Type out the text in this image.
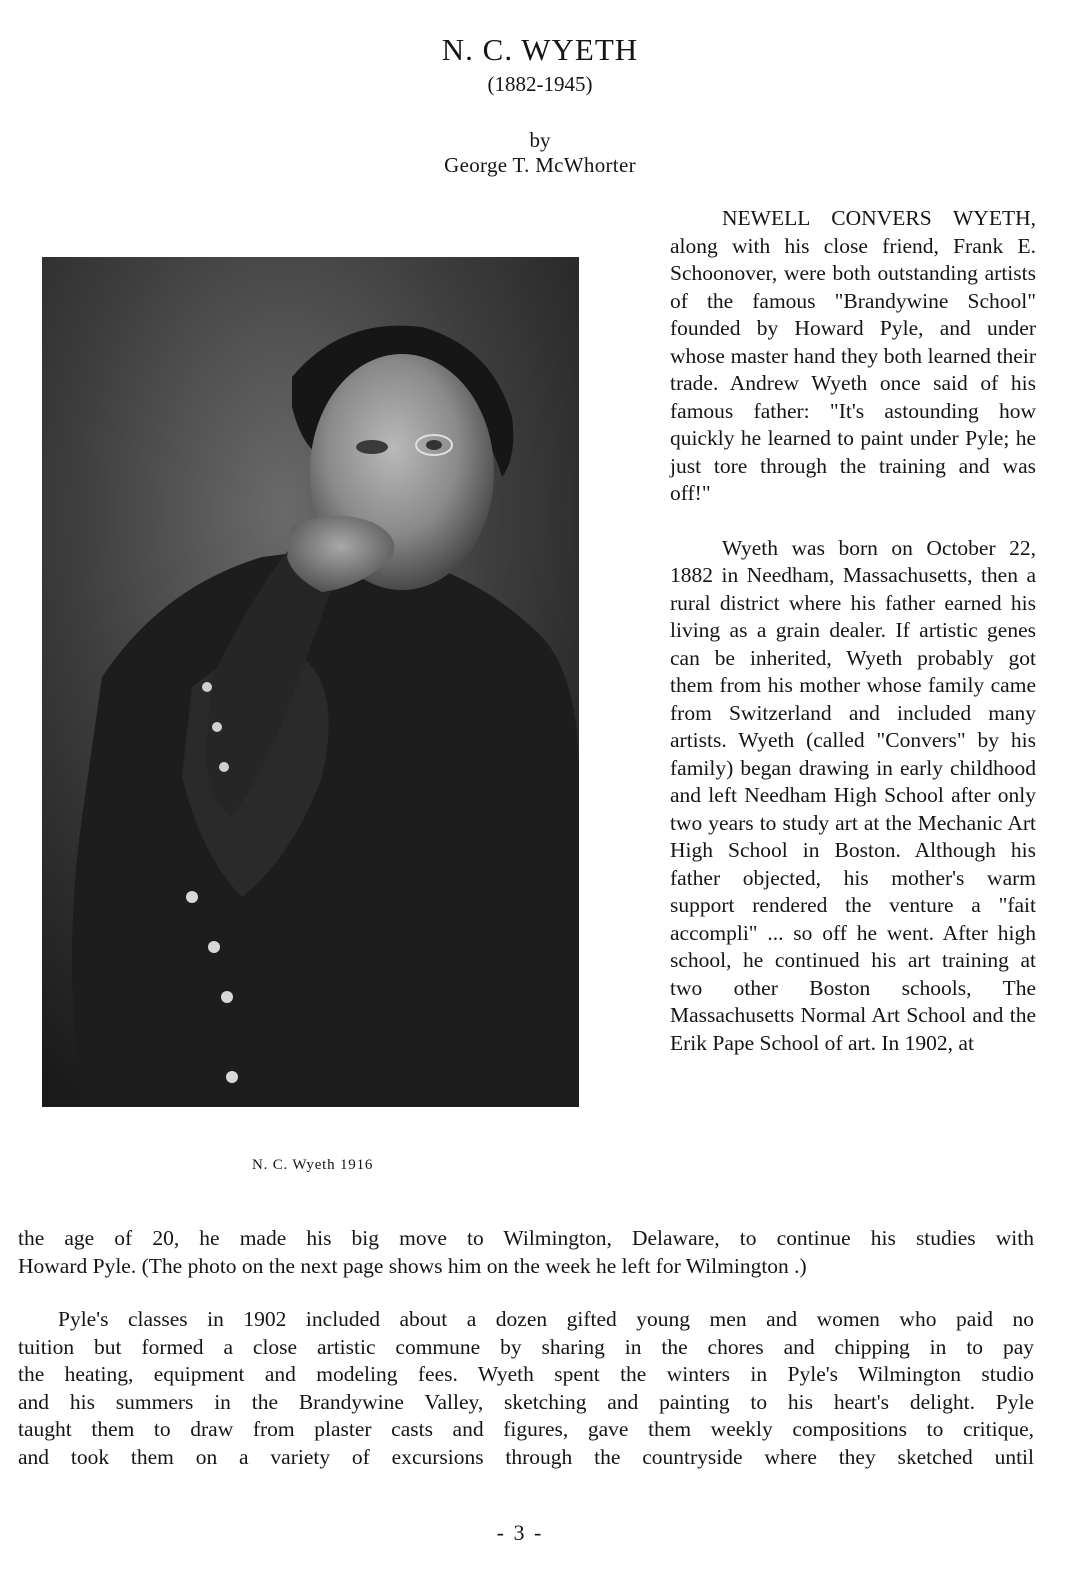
N. C. WYETH
(1882-1945)
by
George T. McWhorter
N. C. Wyeth 1916

NEWELL CONVERS WYETH, along with his close friend, Frank E. Schoonover, were both outstanding artists of the famous "Brandywine School" founded by Howard Pyle, and under whose master hand they both learned their trade. Andrew Wyeth once said of his famous father: "It's astounding how quickly he learned to paint under Pyle; he just tore through the training and was off!"

Wyeth was born on October 22, 1882 in Needham, Massachusetts, then a rural district where his father earned his living as a grain dealer. If artistic genes can be inherited, Wyeth probably got them from his mother whose family came from Switzerland and included many artists. Wyeth (called "Convers" by his family) began drawing in early childhood and left Needham High School after only two years to study art at the Mechanic Art High School in Boston. Although his father objected, his mother's warm support rendered the venture a "fait accompli" ... so off he went. After high school, he continued his art training at two other Boston schools, The Massachusetts Normal Art School and the Erik Pape School of art. In 1902, at

the age of 20, he made his big move to Wilmington, Delaware, to continue his studies with
Howard Pyle. (The photo on the next page shows him on the week he left for Wilmington .)
Pyle's classes in 1902 included about a dozen gifted young men and women who paid no
tuition but formed a close artistic commune by sharing in the chores and chipping in to pay
the heating, equipment and modeling fees. Wyeth spent the winters in Pyle's Wilmington studio
and his summers in the Brandywine Valley, sketching and painting to his heart's delight. Pyle
taught them to draw from plaster casts and figures, gave them weekly compositions to critique,
and took them on a variety of excursions through the countryside where they sketched until
- 3 -
